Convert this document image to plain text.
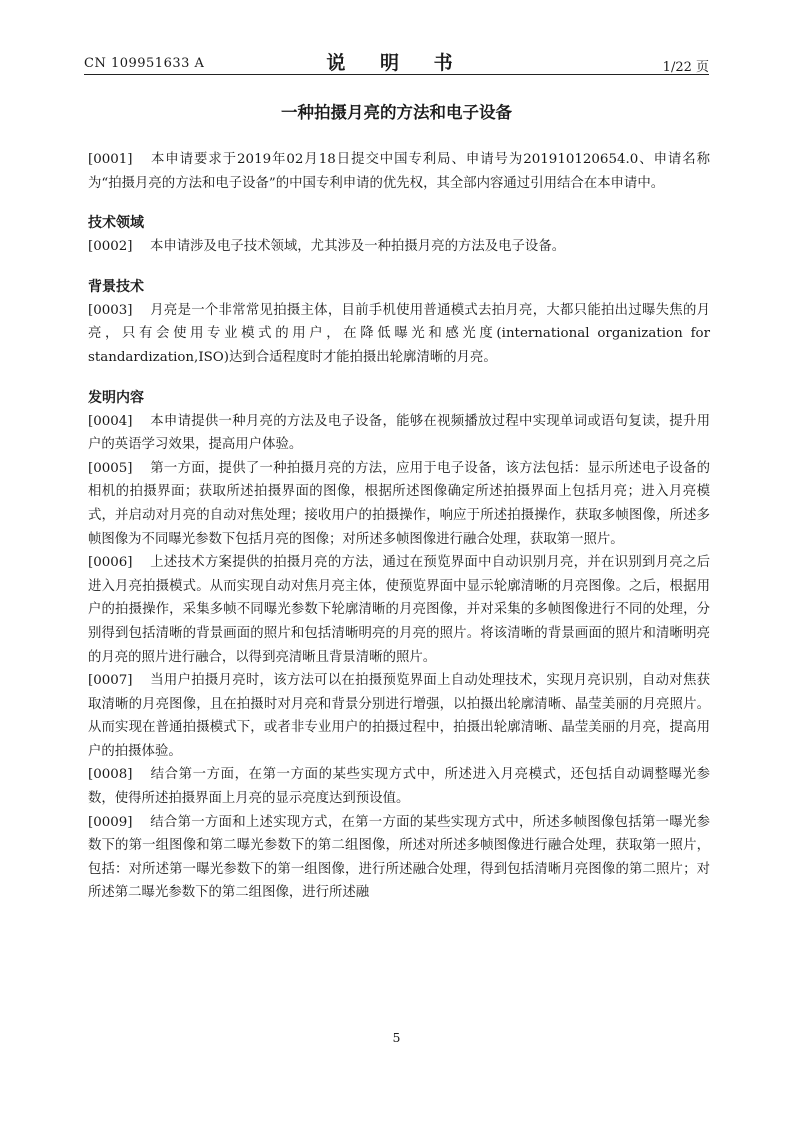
CN 109951633 A	说 明 书	1/22 页
一种拍摄月亮的方法和电子设备

[0001] 本申请要求于2019年02月18日提交中国专利局、申请号为201910120654.0、申请名称为“拍摄月亮的方法和电子设备”的中国专利申请的优先权，其全部内容通过引用结合在本申请中。

技术领域

[0002] 本申请涉及电子技术领域，尤其涉及一种拍摄月亮的方法及电子设备。

背景技术

[0003] 月亮是一个非常常见拍摄主体，目前手机使用普通模式去拍月亮，大都只能拍出过曝失焦的月亮，只有会使用专业模式的用户，在降低曝光和感光度(international organization for standardization,ISO)达到合适程度时才能拍摄出轮廓清晰的月亮。

发明内容

[0004] 本申请提供一种月亮的方法及电子设备，能够在视频播放过程中实现单词或语句复读，提升用户的英语学习效果，提高用户体验。

[0005] 第一方面，提供了一种拍摄月亮的方法，应用于电子设备，该方法包括：显示所述电子设备的相机的拍摄界面；获取所述拍摄界面的图像，根据所述图像确定所述拍摄界面上包括月亮；进入月亮模式，并启动对月亮的自动对焦处理；接收用户的拍摄操作，响应于所述拍摄操作，获取多帧图像，所述多帧图像为不同曝光参数下包括月亮的图像；对所述多帧图像进行融合处理，获取第一照片。

[0006] 上述技术方案提供的拍摄月亮的方法，通过在预览界面中自动识别月亮，并在识别到月亮之后进入月亮拍摄模式。从而实现自动对焦月亮主体，使预览界面中显示轮廓清晰的月亮图像。之后，根据用户的拍摄操作，采集多帧不同曝光参数下轮廓清晰的月亮图像，并对采集的多帧图像进行不同的处理，分别得到包括清晰的背景画面的照片和包括清晰明亮的月亮的照片。将该清晰的背景画面的照片和清晰明亮的月亮的照片进行融合，以得到亮清晰且背景清晰的照片。

[0007] 当用户拍摄月亮时，该方法可以在拍摄预览界面上自动处理技术，实现月亮识别，自动对焦获取清晰的月亮图像，且在拍摄时对月亮和背景分别进行增强，以拍摄出轮廓清晰、晶莹美丽的月亮照片。从而实现在普通拍摄模式下，或者非专业用户的拍摄过程中，拍摄出轮廓清晰、晶莹美丽的月亮，提高用户的拍摄体验。

[0008] 结合第一方面，在第一方面的某些实现方式中，所述进入月亮模式，还包括自动调整曝光参数，使得所述拍摄界面上月亮的显示亮度达到预设值。

[0009] 结合第一方面和上述实现方式，在第一方面的某些实现方式中，所述多帧图像包括第一曝光参数下的第一组图像和第二曝光参数下的第二组图像，所述对所述多帧图像进行融合处理，获取第一照片，包括：对所述第一曝光参数下的第一组图像，进行所述融合处理，得到包括清晰月亮图像的第二照片；对所述第二曝光参数下的第二组图像，进行所述融

5
